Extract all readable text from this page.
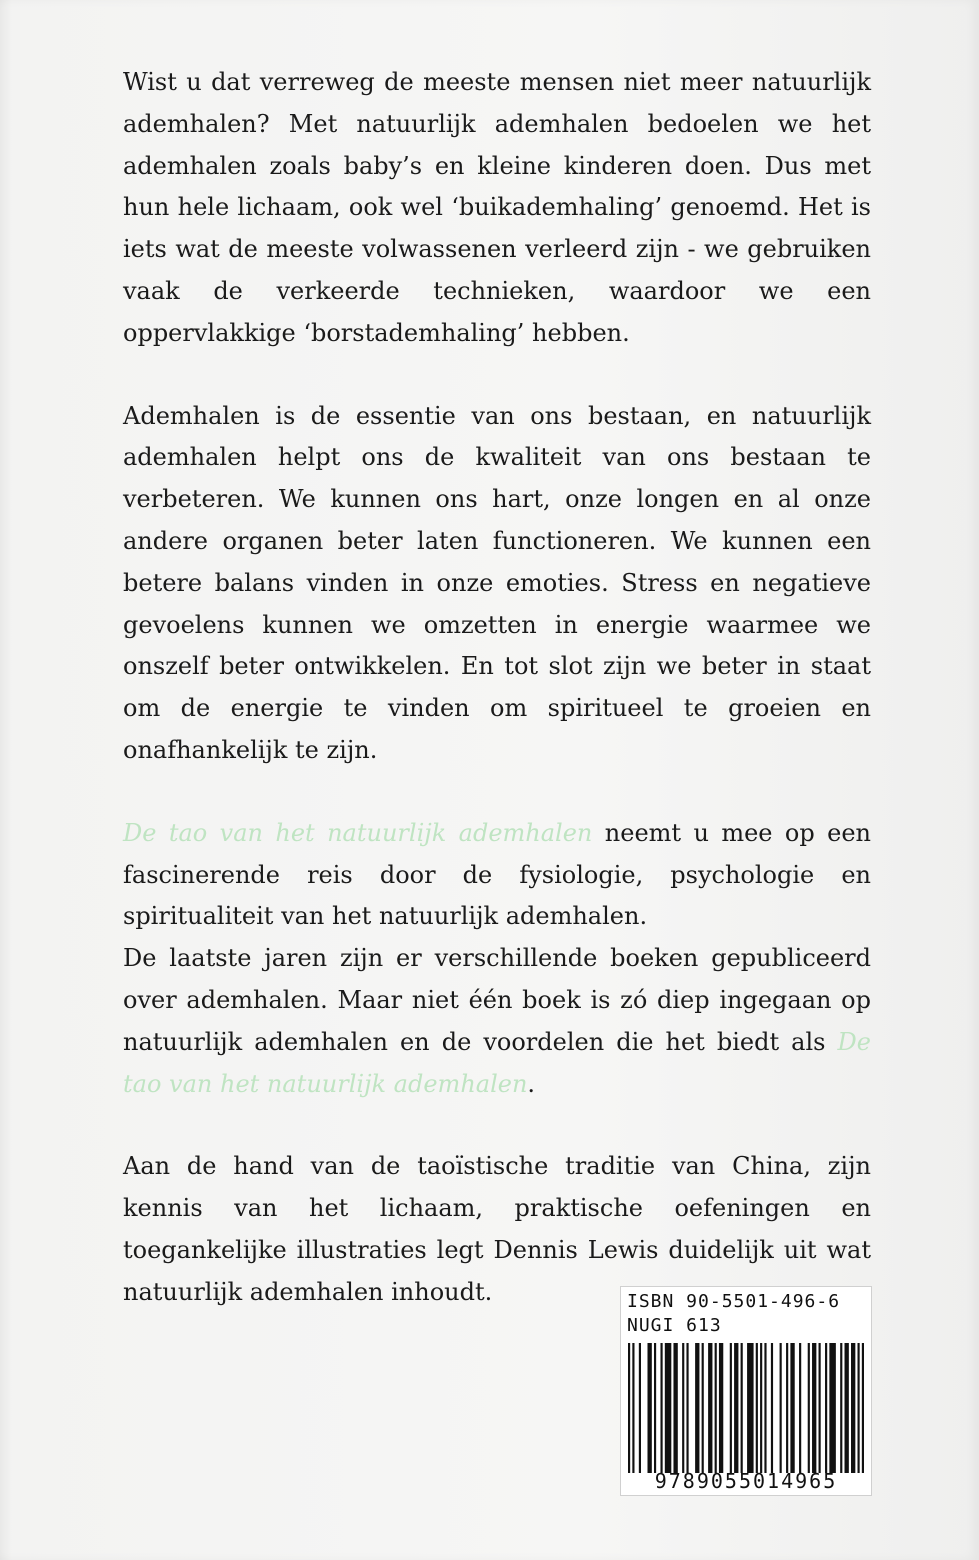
Wist u dat verreweg de meeste mensen niet meer natuurlijk ademhalen? Met natuurlijk ademhalen bedoelen we het ademhalen zoals baby’s en kleine kinderen doen. Dus met hun hele lichaam, ook wel ‘buikademhaling’ genoemd. Het is iets wat de meeste volwassenen verleerd zijn - we gebruiken vaak de verkeerde technieken, waardoor we een oppervlakkige ‘borstademhaling’ hebben.

Ademhalen is de essentie van ons bestaan, en natuurlijk ademhalen helpt ons de kwaliteit van ons bestaan te verbeteren. We kunnen ons hart, onze longen en al onze andere organen beter laten functioneren. We kunnen een betere balans vinden in onze emoties. Stress en negatieve gevoelens kunnen we omzetten in energie waarmee we onszelf beter ontwikkelen. En tot slot zijn we beter in staat om de energie te vinden om spiritueel te groeien en onafhankelijk te zijn.

De tao van het natuurlijk ademhalen neemt u mee op een fascinerende reis door de fysiologie, psychologie en spiritualiteit van het natuurlijk ademhalen.

De laatste jaren zijn er verschillende boeken gepubliceerd over ademhalen. Maar niet één boek is zó diep ingegaan op natuurlijk ademhalen en de voordelen die het biedt als De tao van het natuurlijk ademhalen.

Aan de hand van de taoïstische traditie van China, zijn kennis van het lichaam, praktische oefeningen en toegankelijke illustraties legt Dennis Lewis duidelijk uit wat natuurlijk ademhalen inhoudt.	ISBN 90-5501-496-6
NUGI 613
9789055014965
